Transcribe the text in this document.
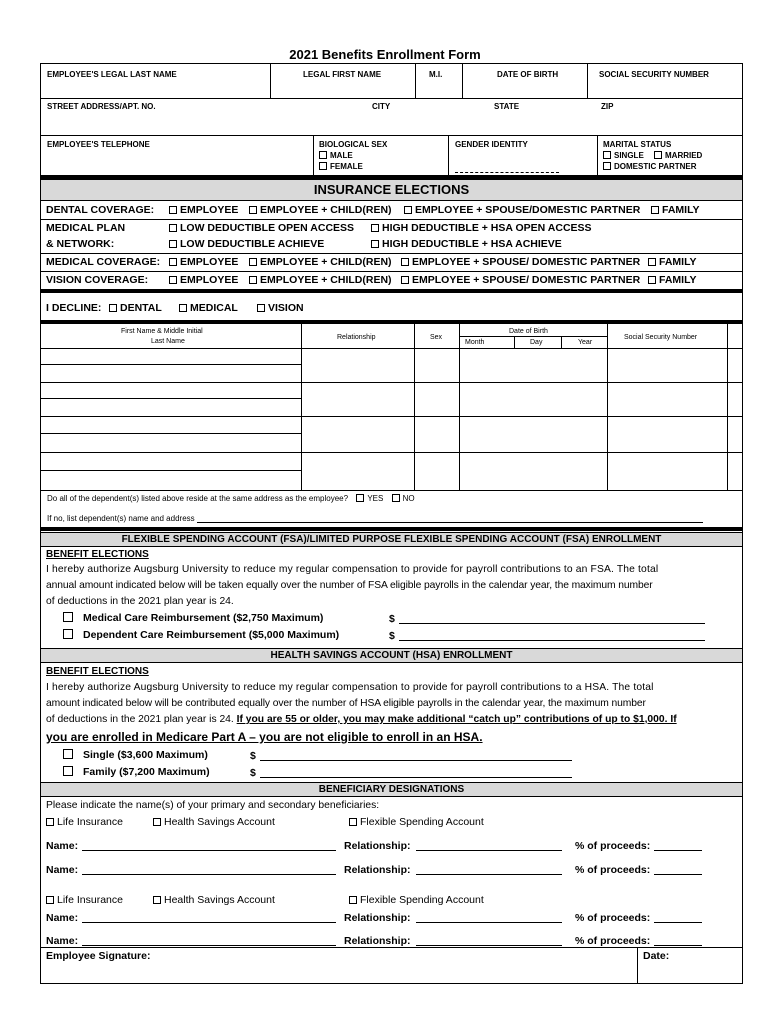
2021 Benefits Enrollment Form
EMPLOYEE'S LEGAL LAST NAME	LEGAL FIRST NAME	M.I.	DATE OF BIRTH	SOCIAL SECURITY NUMBER
STREET ADDRESS/APT. NO.	CITY	STATE	ZIP
EMPLOYEE'S TELEPHONE	BIOLOGICAL SEX
MALE
FEMALE
GENDER IDENTITY	MARITAL STATUS
SINGLE	MARRIED
DOMESTIC PARTNER
INSURANCE ELECTIONS
DENTAL COVERAGE:	EMPLOYEE	EMPLOYEE + CHILD(REN)	EMPLOYEE + SPOUSE/DOMESTIC PARTNER	FAMILY
MEDICAL PLAN
& NETWORK:
LOW DEDUCTIBLE OPEN ACCESS	HIGH DEDUCTIBLE + HSA OPEN ACCESS
LOW DEDUCTIBLE ACHIEVE	HIGH DEDUCTIBLE + HSA ACHIEVE
MEDICAL COVERAGE:	EMPLOYEE	EMPLOYEE + CHILD(REN)	EMPLOYEE + SPOUSE/ DOMESTIC PARTNER	FAMILY
VISION COVERAGE:	EMPLOYEE	EMPLOYEE + CHILD(REN)	EMPLOYEE + SPOUSE/ DOMESTIC PARTNER	FAMILY
I DECLINE:	DENTAL	MEDICAL	VISION
First Name & Middle Initial
Last Name
Relationship	Sex
Date of Birth
Month	Day	Year
Social Security Number
Do all of the dependent(s) listed above reside at the same address as the employee? YES NO
If no, list dependent(s) name and address
FLEXIBLE SPENDING ACCOUNT (FSA)/LIMITED PURPOSE FLEXIBLE SPENDING ACCOUNT (FSA) ENROLLMENT
BENEFIT ELECTIONS
I hereby authorize Augsburg University to reduce my regular compensation to provide for payroll contributions to an FSA. The total
annual amount indicated below will be taken equally over the number of FSA eligible payrolls in the calendar year, the maximum number
of deductions in the 2021 plan year is 24.
Medical Care Reimbursement ($2,750 Maximum)	$
Dependent Care Reimbursement ($5,000 Maximum)	$
HEALTH SAVINGS ACCOUNT (HSA) ENROLLMENT
BENEFIT ELECTIONS
I hereby authorize Augsburg University to reduce my regular compensation to provide for payroll contributions to a HSA. The total
amount indicated below will be contributed equally over the number of HSA eligible payrolls in the calendar year, the maximum number
of deductions in the 2021 plan year is 24. If you are 55 or older, you may make additional “catch up” contributions of up to $1,000. If
you are enrolled in Medicare Part A – you are not eligible to enroll in an HSA.
Single ($3,600 Maximum)	$
Family ($7,200 Maximum)	$
BENEFICIARY DESIGNATIONS
Please indicate the name(s) of your primary and secondary beneficiaries:
Life Insurance	Health Savings Account	Flexible Spending Account
Name:	Relationship:	% of proceeds:
Name:	Relationship:	% of proceeds:
Life Insurance	Health Savings Account	Flexible Spending Account
Name:	Relationship:	% of proceeds:
Name:	Relationship:	% of proceeds:
Employee Signature:	Date:
